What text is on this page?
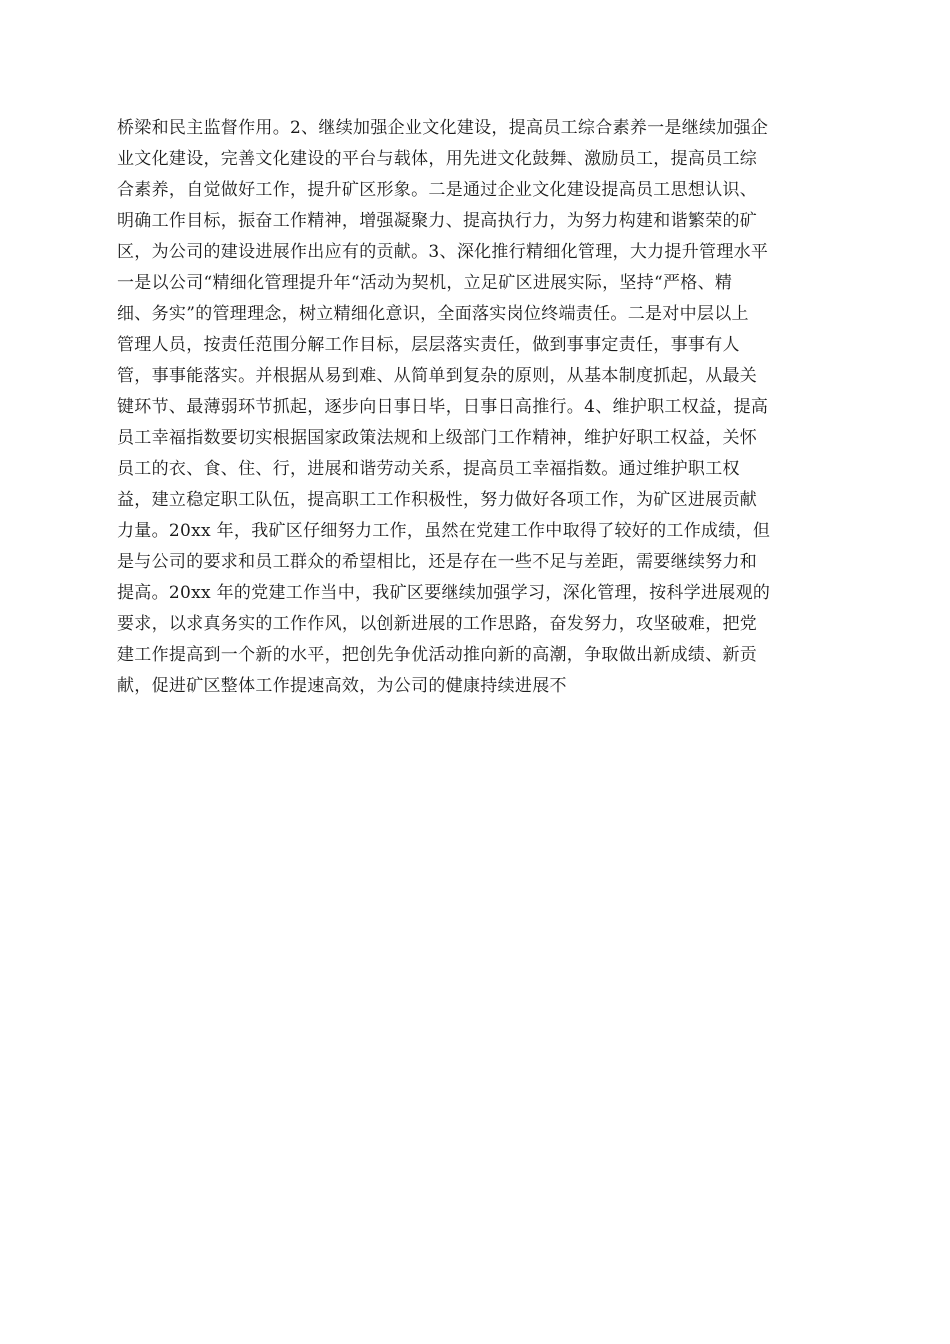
桥梁和民主监督作用。2、继续加强企业文化建设，提高员工综合素养一是继续加强企
业文化建设，完善文化建设的平台与载体，用先进文化鼓舞、激励员工，提高员工综
合素养，自觉做好工作，提升矿区形象。二是通过企业文化建设提高员工思想认识、
明确工作目标，振奋工作精神，增强凝聚力、提高执行力，为努力构建和谐繁荣的矿
区，为公司的建设进展作出应有的贡献。3、深化推行精细化管理，大力提升管理水平
一是以公司“精细化管理提升年“活动为契机，立足矿区进展实际，坚持“严格、精
细、务实”的管理理念，树立精细化意识，全面落实岗位终端责任。二是对中层以上
管理人员，按责任范围分解工作目标，层层落实责任，做到事事定责任，事事有人
管，事事能落实。并根据从易到难、从简单到复杂的原则，从基本制度抓起，从最关
键环节、最薄弱环节抓起，逐步向日事日毕，日事日高推行。4、维护职工权益，提高
员工幸福指数要切实根据国家政策法规和上级部门工作精神，维护好职工权益，关怀
员工的衣、食、住、行，进展和谐劳动关系，提高员工幸福指数。通过维护职工权
益，建立稳定职工队伍，提高职工工作积极性，努力做好各项工作，为矿区进展贡献
力量。20xx 年，我矿区仔细努力工作，虽然在党建工作中取得了较好的工作成绩，但
是与公司的要求和员工群众的希望相比，还是存在一些不足与差距，需要继续努力和
提高。20xx 年的党建工作当中，我矿区要继续加强学习，深化管理，按科学进展观的
要求，以求真务实的工作作风，以创新进展的工作思路，奋发努力，攻坚破难，把党
建工作提高到一个新的水平，把创先争优活动推向新的高潮，争取做出新成绩、新贡
献，促进矿区整体工作提速高效，为公司的健康持续进展不
